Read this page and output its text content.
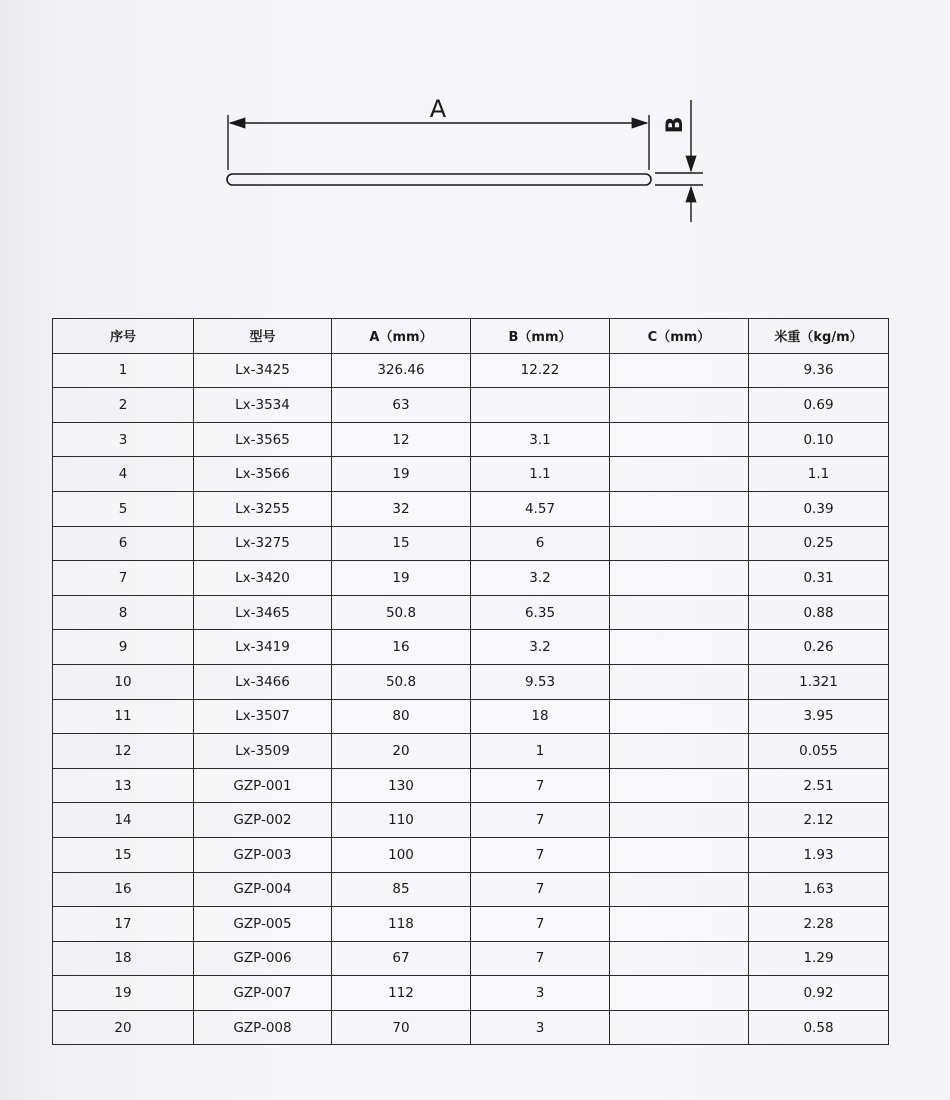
A
B
序号	型号	A（mm）	B（mm）	C（mm）	米重（kg/m）
1	Lx-3425	326.46	12.22		9.36
2	Lx-3534	63			0.69
3	Lx-3565	12	3.1		0.10
4	Lx-3566	19	1.1		1.1
5	Lx-3255	32	4.57		0.39
6	Lx-3275	15	6		0.25
7	Lx-3420	19	3.2		0.31
8	Lx-3465	50.8	6.35		0.88
9	Lx-3419	16	3.2		0.26
10	Lx-3466	50.8	9.53		1.321
11	Lx-3507	80	18		3.95
12	Lx-3509	20	1		0.055
13	GZP-001	130	7		2.51
14	GZP-002	110	7		2.12
15	GZP-003	100	7		1.93
16	GZP-004	85	7		1.63
17	GZP-005	118	7		2.28
18	GZP-006	67	7		1.29
19	GZP-007	112	3		0.92
20	GZP-008	70	3		0.58
